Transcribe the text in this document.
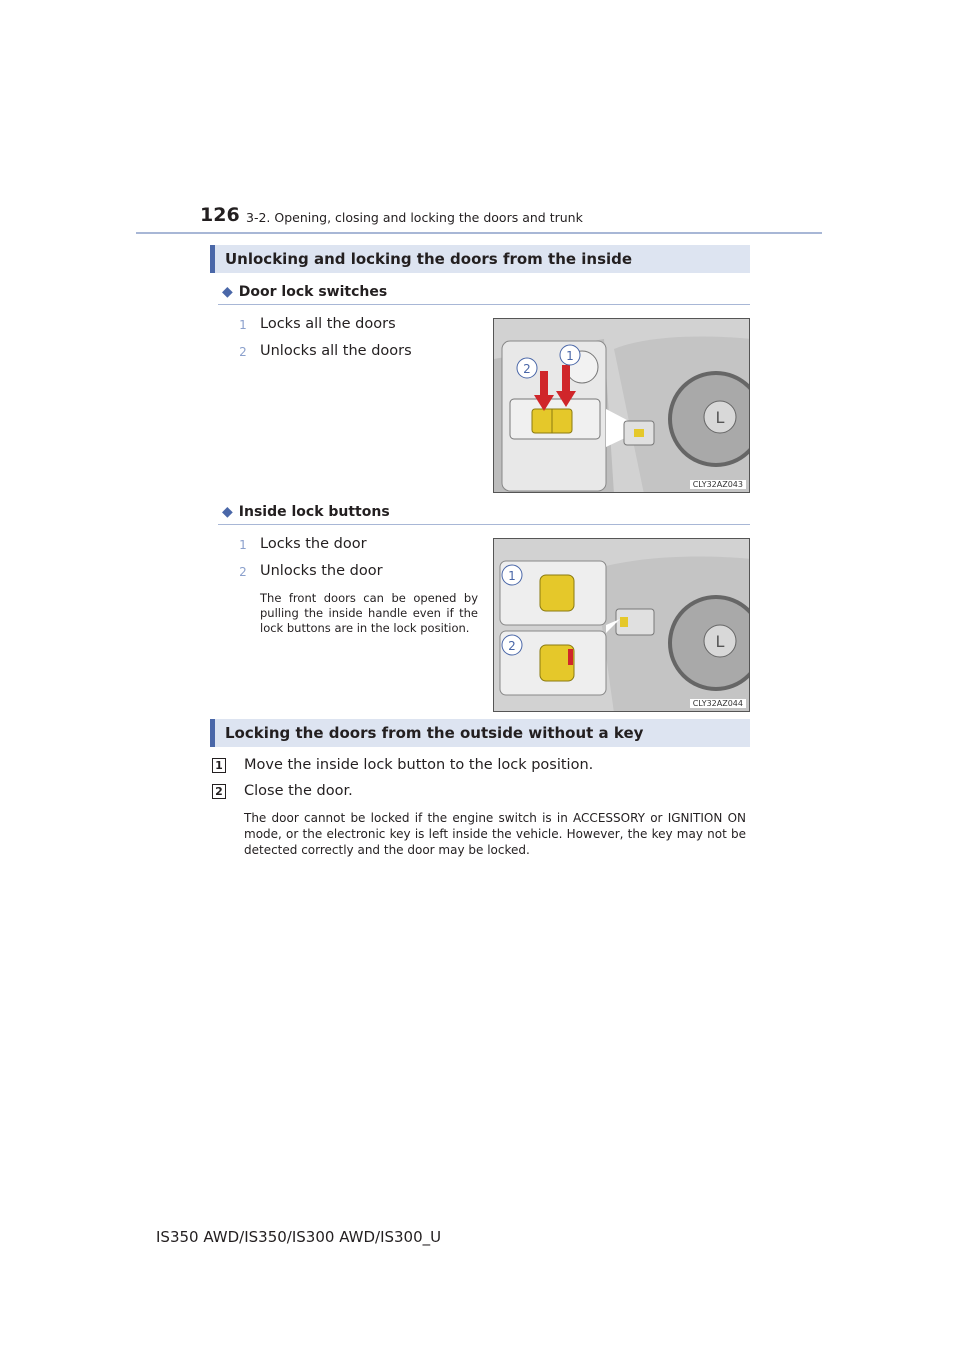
126 3-2. Opening, closing and locking the doors and trunk
Unlocking and locking the doors from the inside
◆ Door lock switches
1 Locks all the doors
2 Unlocks all the doors
2
1
L
CLY32AZ043
◆ Inside lock buttons
1 Locks the door
2 Unlocks the door
The front doors can be opened by pulling the inside handle even if the lock buttons are in the lock position.
L
1
2
CLY32AZ044
Locking the doors from the outside without a key
1 Move the inside lock button to the lock position.
2 Close the door.
The door cannot be locked if the engine switch is in ACCESSORY or IGNITION ON mode, or the electronic key is left inside the vehicle. However, the key may not be detected correctly and the door may be locked.
IS350 AWD/IS350/IS300 AWD/IS300_U
